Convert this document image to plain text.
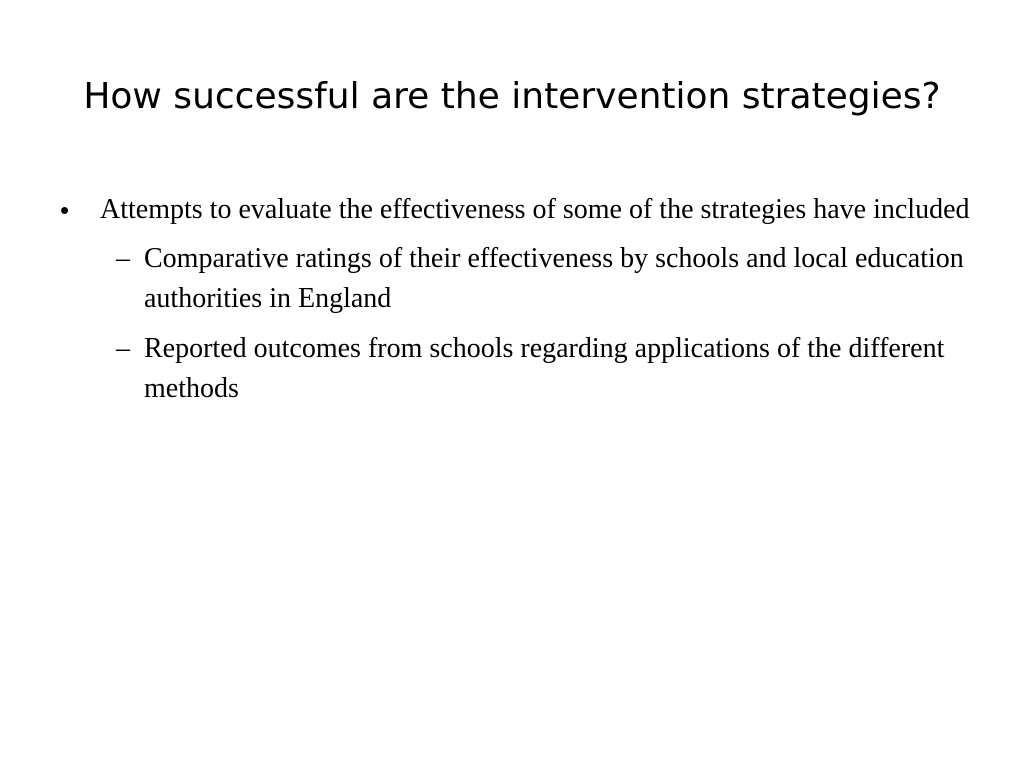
How successful are the intervention strategies?
• Attempts to evaluate the effectiveness of some of the strategies have included
– Comparative ratings of their effectiveness by schools and local education authorities in England
– Reported outcomes from schools regarding applications of the different methods
